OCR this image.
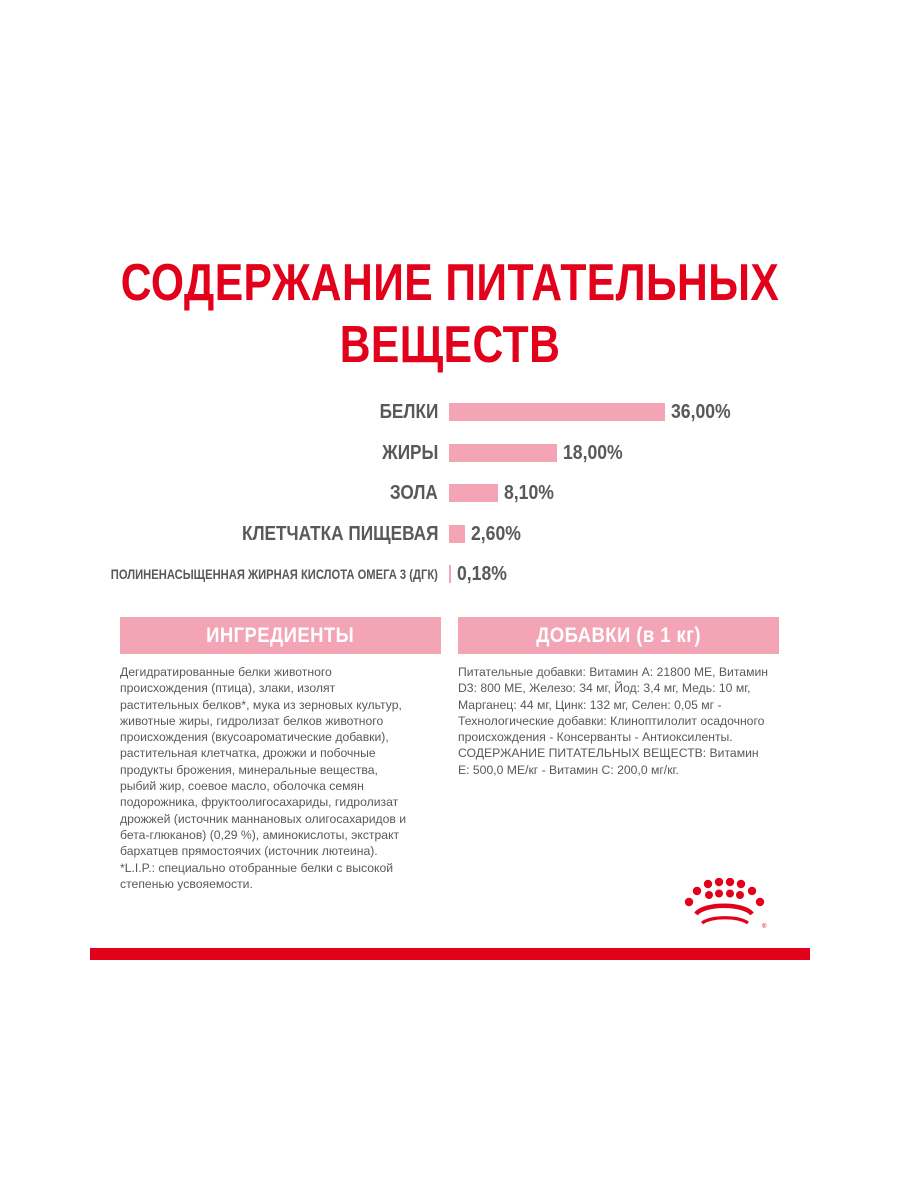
СОДЕРЖАНИЕ ПИТАТЕЛЬНЫХ
ВЕЩЕСТВ
БЕЛКИ	36,00%
ЖИРЫ	18,00%
ЗОЛА	8,10%
КЛЕТЧАТКА ПИЩЕВАЯ 2,60%
ПОЛИНЕНАСЫЩЕННАЯ ЖИРНАЯ КИСЛОТА ОМЕГА 3 (ДГК) 0,18%
ИНГРЕДИЕНТЫ	ДОБАВКИ (в 1 кг)
Дегидратированные белки животного происхождения (птица), злаки, изолят растительных белков*, мука из зерновых культур, животные жиры, гидролизат белков животного происхождения (вкусоароматические добавки), растительная клетчатка, дрожжи и побочные продукты брожения, минеральные вещества, рыбий жир, соевое масло, оболочка семян подорожника, фруктоолигосахариды, гидролизат дрожжей (источник маннановых олигосахаридов и бета-глюканов) (0,29 %), аминокислоты, экстракт бархатцев прямостоячих (источник лютеина).
*L.I.P.: специально отобранные белки с высокой степенью усвояемости.
Питательные добавки: Витамин А: 21800 МЕ, Витамин D3: 800 МЕ, Железо: 34 мг, Йод: 3,4 мг, Медь: 10 мг, Марганец: 44 мг, Цинк: 132 мг, Селен: 0,05 мг - Технологические добавки: Клиноптилолит осадочного происхождения - Консерванты - Антиоксиленты. СОДЕРЖАНИЕ ПИТАТЕЛЬНЫХ ВЕЩЕСТВ: Витамин Е: 500,0 МЕ/кг - Витамин С: 200,0 мг/кг.
®
